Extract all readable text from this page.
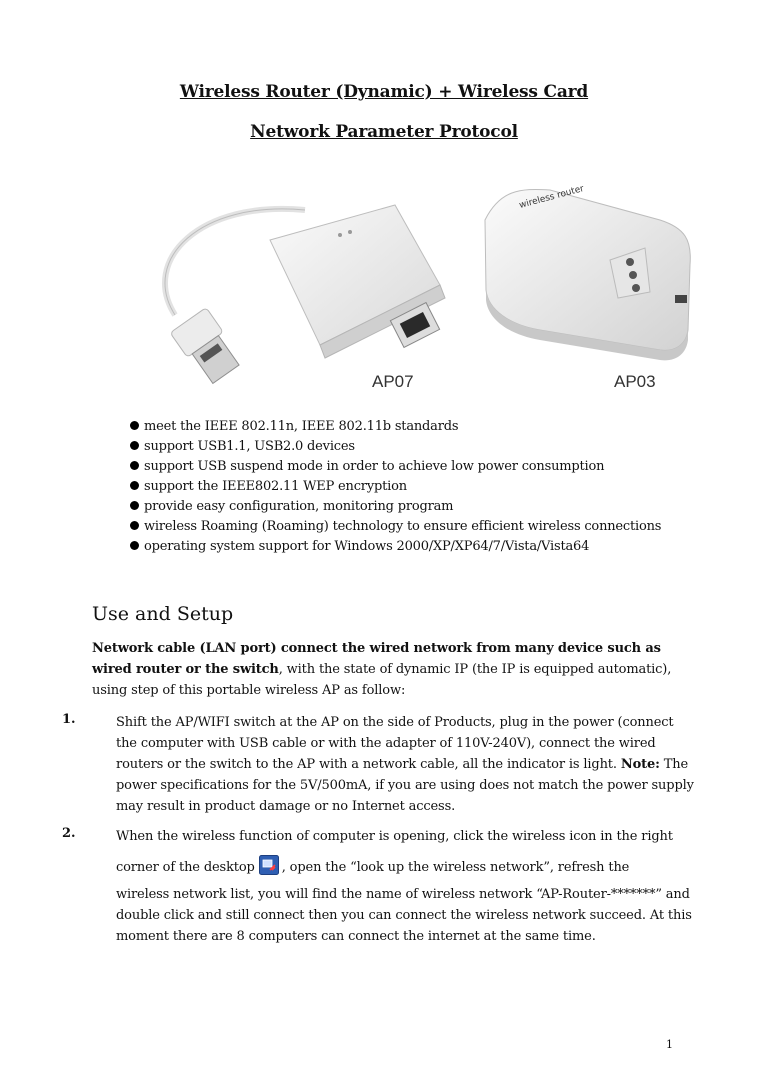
Wireless Router (Dynamic) + Wireless Card
Network Parameter Protocol
wireless router
AP07	AP03
meet the IEEE 802.11n, IEEE 802.11b standards
support USB1.1, USB2.0 devices
support USB suspend mode in order to achieve low power consumption
support the IEEE802.11 WEP encryption
provide easy configuration, monitoring program
wireless Roaming (Roaming) technology to ensure efficient wireless connections
operating system support for Windows 2000/XP/XP64/7/Vista/Vista64
Use and Setup
Network cable (LAN port) connect the wired network from many device such as wired router or the switch, with the state of dynamic IP (the IP is equipped automatic), using step of this portable wireless AP as follow:
1.	Shift the AP/WIFI switch at the AP on the side of Products, plug in the power (connect the computer with USB cable or with the adapter of 110V-240V), connect the wired routers or the switch to the AP with a network cable, all the indicator is light. Note: The power specifications for the 5V/500mA, if you are using does not match the power supply may result in product damage or no Internet access.
2.	When the wireless function of computer is opening, click the wireless icon in the right
corner of the desktop , open the “look up the wireless network”, refresh the
wireless network list, you will find the name of wireless network “AP-Router-*******” and double click and still connect then you can connect the wireless network succeed. At this moment there are 8 computers can connect the internet at the same time.
1
